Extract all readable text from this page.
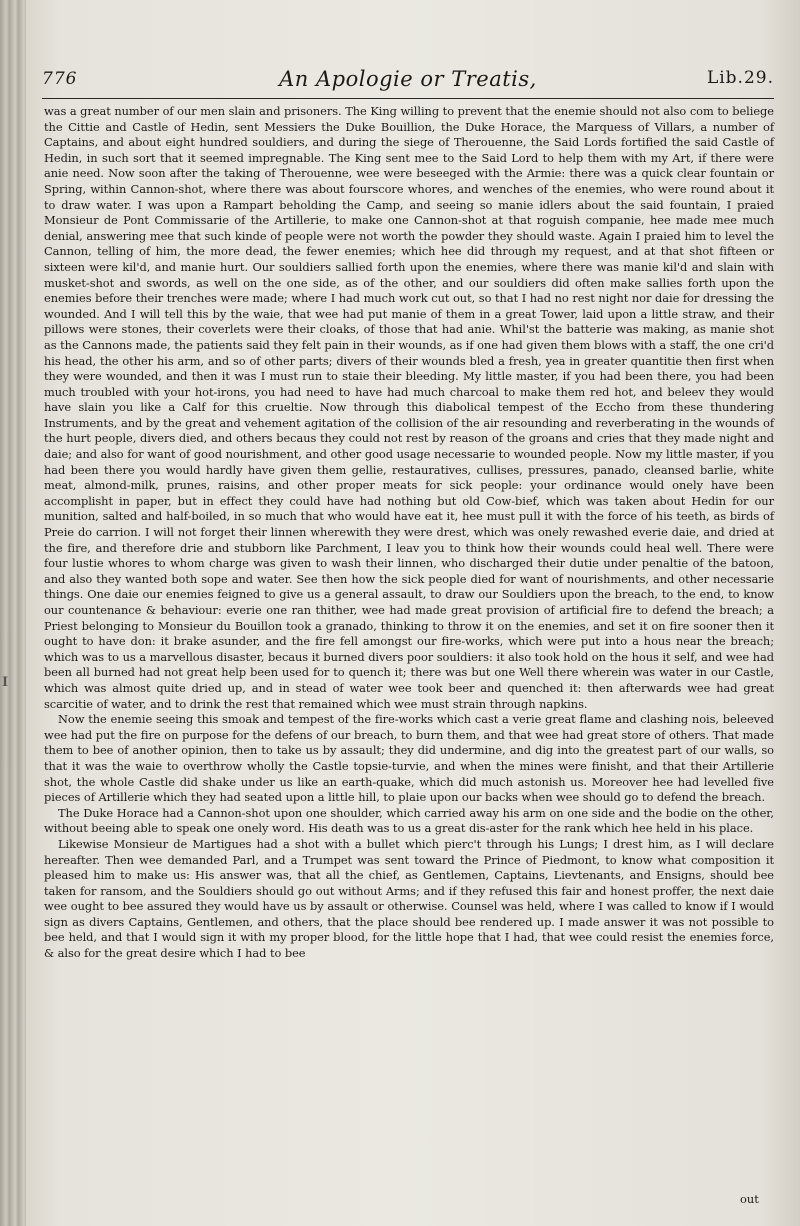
I
776	An Apologie or Treatis,	Lib.29.

was a great number of our men slain and prisoners. The King willing to prevent that the enemie should not also com to beliege the Cittie and Castle of Hedin, sent Messiers the Duke Bouillion, the Duke Horace, the Marquess of Villars, a number of Captains, and about eight hundred souldiers, and during the siege of Therouenne, the Said Lords fortified the said Castle of Hedin, in such sort that it seemed impregnable. The King sent mee to the Said Lord to help them with my Art, if there were anie need. Now soon after the taking of Therouenne, wee were beseeged with the Armie: there was a quick clear fountain or Spring, within Cannon-shot, where there was about fourscore whores, and wenches of the enemies, who were round about it to draw water. I was upon a Rampart beholding the Camp, and seeing so manie idlers about the said fountain, I praied Monsieur de Pont Commissarie of the Artillerie, to make one Cannon-shot at that roguish companie, hee made mee much denial, answering mee that such kinde of people were not worth the powder they should waste. Again I praied him to level the Cannon, telling of him, the more dead, the fewer enemies; which hee did through my request, and at that shot fifteen or sixteen were kil'd, and manie hurt. Our souldiers sallied forth upon the enemies, where there was manie kil'd and slain with musket-shot and swords, as well on the one side, as of the other, and our souldiers did often make sallies forth upon the enemies before their trenches were made; where I had much work cut out, so that I had no rest night nor daie for dressing the wounded. And I will tell this by the waie, that wee had put manie of them in a great Tower, laid upon a little straw, and their pillows were stones, their coverlets were their cloaks, of those that had anie. Whil'st the batterie was making, as manie shot as the Cannons made, the patients said they felt pain in their wounds, as if one had given them blows with a staff, the one cri'd his head, the other his arm, and so of other parts; divers of their wounds bled a fresh, yea in greater quantitie then first when they were wounded, and then it was I must run to staie their bleeding. My little master, if you had been there, you had been much troubled with your hot-irons, you had need to have had much charcoal to make them red hot, and beleev they would have slain you like a Calf for this crueltie. Now through this diabolical tempest of the Eccho from these thundering Instruments, and by the great and vehement agitation of the collision of the air resounding and reverberating in the wounds of the hurt people, divers died, and others becaus they could not rest by reason of the groans and cries that they made night and daie; and also for want of good nourishment, and other good usage necessarie to wounded people. Now my little master, if you had been there you would hardly have given them gellie, restauratives, cullises, pressures, panado, cleansed barlie, white meat, almond-milk, prunes, raisins, and other proper meats for sick people: your ordinance would onely have been accomplisht in paper, but in effect they could have had nothing but old Cow-bief, which was taken about Hedin for our munition, salted and half-boiled, in so much that who would have eat it, hee must pull it with the force of his teeth, as birds of Preie do carrion. I will not forget their linnen wherewith they were drest, which was onely rewashed everie daie, and dried at the fire, and therefore drie and stubborn like Parchment, I leav you to think how their wounds could heal well. There were four lustie whores to whom charge was given to wash their linnen, who discharged their dutie under penaltie of the batoon, and also they wanted both sope and water. See then how the sick people died for want of nourishments, and other necessarie things. One daie our enemies feigned to give us a general assault, to draw our Souldiers upon the breach, to the end, to know our countenance & behaviour: everie one ran thither, wee had made great provision of artificial fire to defend the breach; a Priest belonging to Monsieur du Bouillon took a granado, thinking to throw it on the enemies, and set it on fire sooner then it ought to have don: it brake asunder, and the fire fell amongst our fire-works, which were put into a hous near the breach; which was to us a marvellous disaster, becaus it burned divers poor souldiers: it also took hold on the hous it self, and wee had been all burned had not great help been used for to quench it; there was but one Well there wherein was water in our Castle, which was almost quite dried up, and in stead of water wee took beer and quenched it: then afterwards wee had great scarcitie of water, and to drink the rest that remained which wee must strain through napkins.

Now the enemie seeing this smoak and tempest of the fire-works which cast a verie great flame and clashing nois, beleeved wee had put the fire on purpose for the defens of our breach, to burn them, and that wee had great store of others. That made them to bee of another opinion, then to take us by assault; they did undermine, and dig into the greatest part of our walls, so that it was the waie to overthrow wholly the Castle topsie-turvie, and when the mines were finisht, and that their Artillerie shot, the whole Castle did shake under us like an earth-quake, which did much astonish us. Moreover hee had levelled five pieces of Artillerie which they had seated upon a little hill, to plaie upon our backs when wee should go to defend the breach.

The Duke Horace had a Cannon-shot upon one shoulder, which carried away his arm on one side and the bodie on the other, without beeing able to speak one onely word. His death was to us a great dis-aster for the rank which hee held in his place.

Likewise Monsieur de Martigues had a shot with a bullet which pierc't through his Lungs; I drest him, as I will declare hereafter. Then wee demanded Parl, and a Trumpet was sent toward the Prince of Piedmont, to know what composition it pleased him to make us: His answer was, that all the chief, as Gentlemen, Captains, Lievtenants, and Ensigns, should bee taken for ransom, and the Souldiers should go out without Arms; and if they refused this fair and honest proffer, the next daie wee ought to bee assured they would have us by assault or otherwise. Counsel was held, where I was called to know if I would sign as divers Captains, Gentlemen, and others, that the place should bee rendered up. I made answer it was not possible to bee held, and that I would sign it with my proper blood, for the little hope that I had, that wee could resist the enemies force, & also for the great desire which I had to bee

out
